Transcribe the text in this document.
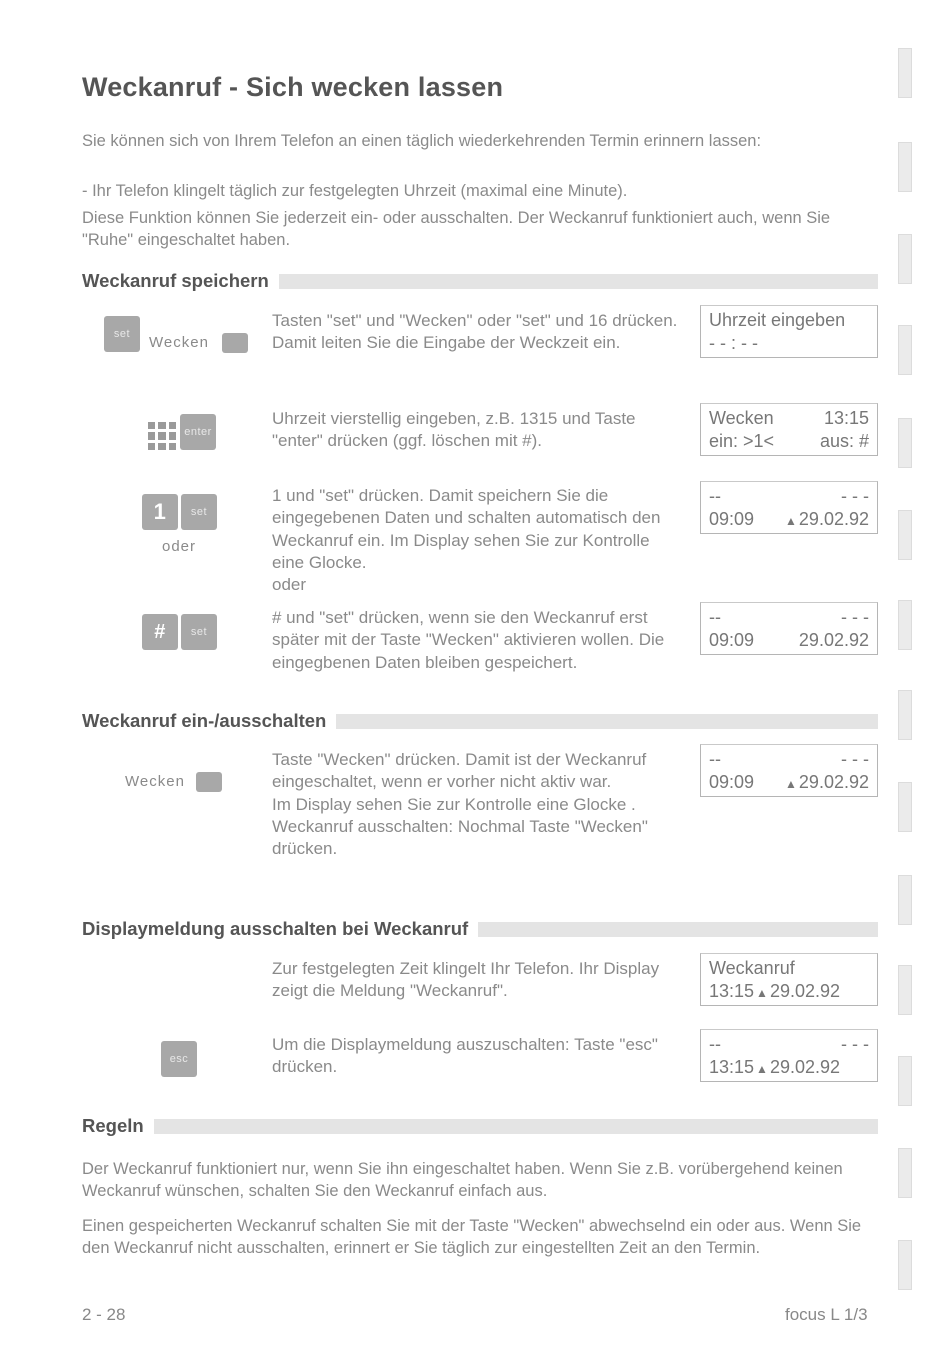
Weckanruf - Sich wecken lassen
Sie können sich von Ihrem Telefon an einen täglich wiederkehrenden Termin erinnern lassen:
- Ihr Telefon klingelt täglich zur festgelegten Uhrzeit (maximal eine Minute).
Diese Funktion können Sie jederzeit ein- oder ausschalten. Der Weckanruf funktioniert auch, wenn Sie "Ruhe" eingeschaltet haben.
Weckanruf speichern
set	Wecken
Tasten "set" und "Wecken" oder "set" und 16 drücken. Damit leiten Sie die Eingabe der Weckzeit ein.
Uhrzeit eingeben
- - : - -
enter
Uhrzeit vierstellig eingeben, z.B. 1315 und Taste "enter" drücken (ggf. löschen mit #).
Wecken	13:15
ein: >1<	aus: #
1	set
oder
1 und "set" drücken. Damit speichern Sie die eingegebenen Daten und schalten automatisch den Weckanruf ein. Im Display sehen Sie zur Kontrolle eine Glocke.
oder
--	- - -
09:09	▲ 29.02.92
#	set
# und "set" drücken, wenn sie den Weckanruf erst später mit der Taste "Wecken" aktivieren wollen. Die eingegbenen Daten bleiben gespeichert.
--	- - -
09:09 29.02.92
Weckanruf ein-/ausschalten
Wecken
Taste "Wecken" drücken. Damit ist der Weckanruf eingeschaltet, wenn er vorher nicht aktiv war.
Im Display sehen Sie zur Kontrolle eine Glocke .
Weckanruf ausschalten: Nochmal Taste "Wecken" drücken.
--	- - -
09:09	▲ 29.02.92
Displaymeldung ausschalten bei Weckanruf
Zur festgelegten Zeit klingelt Ihr Telefon. Ihr Display zeigt die Meldung "Weckanruf".
Weckanruf
13:15 ▲ 29.02.92
esc
Um die Displaymeldung auszuschalten: Taste "esc" drücken.
--	- - -
13:15 ▲ 29.02.92
Regeln
Der Weckanruf funktioniert nur, wenn Sie ihn eingeschaltet haben. Wenn Sie z.B. vorübergehend keinen Weckanruf wünschen, schalten Sie den Weckanruf einfach aus.
Einen gespeicherten Weckanruf schalten Sie mit der Taste "Wecken" abwechselnd ein oder aus. Wenn Sie den Weckanruf nicht ausschalten, erinnert er Sie täglich zur eingestellten Zeit an den Termin.
2 - 28	focus L 1/3
